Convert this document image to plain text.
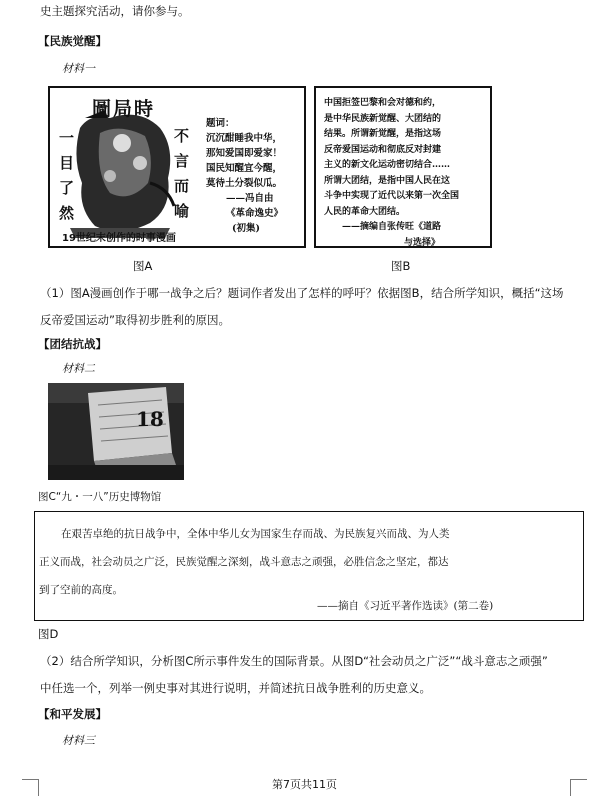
史主题探究活动，请你参与。
【民族觉醒】
材料一
圖局時
一
目
了
然
不
言
而
喻
题词：
沉沉酣睡我中华，
那知爱国即爱家！
国民知醒宜今醒，
莫待土分裂似瓜。
——冯自由
《革命逸史》
(初集)
19世纪末创作的时事漫画
中国拒签巴黎和会对德和约，
是中华民族新觉醒、大团结的
结果。所谓新觉醒，是指这场
反帝爱国运动和彻底反对封建
主义的新文化运动密切结合……
所谓大团结，是指中国人民在这
斗争中实现了近代以来第一次全国
人民的革命大团结。
——摘编自张传旺《道路
与选择》
图A	图B
（1）图A漫画创作于哪一战争之后？题词作者发出了怎样的呼吁？依据图B，结合所学知识，概括“这场
反帝爱国运动”取得初步胜利的原因。
【团结抗战】
材料二
18
图C“九・一八”历史博物馆
在艰苦卓绝的抗日战争中，全体中华儿女为国家生存而战、为民族复兴而战、为人类
正义而战，社会动员之广泛，民族觉醒之深刻，战斗意志之顽强，必胜信念之坚定，都达
到了空前的高度。
——摘自《习近平著作选读》(第二卷)
图D
（2）结合所学知识，分析图C所示事件发生的国际背景。从图D“社会动员之广泛”“战斗意志之顽强”
中任选一个，列举一例史事对其进行说明，并简述抗日战争胜利的历史意义。
【和平发展】
材料三
第7页共11页
